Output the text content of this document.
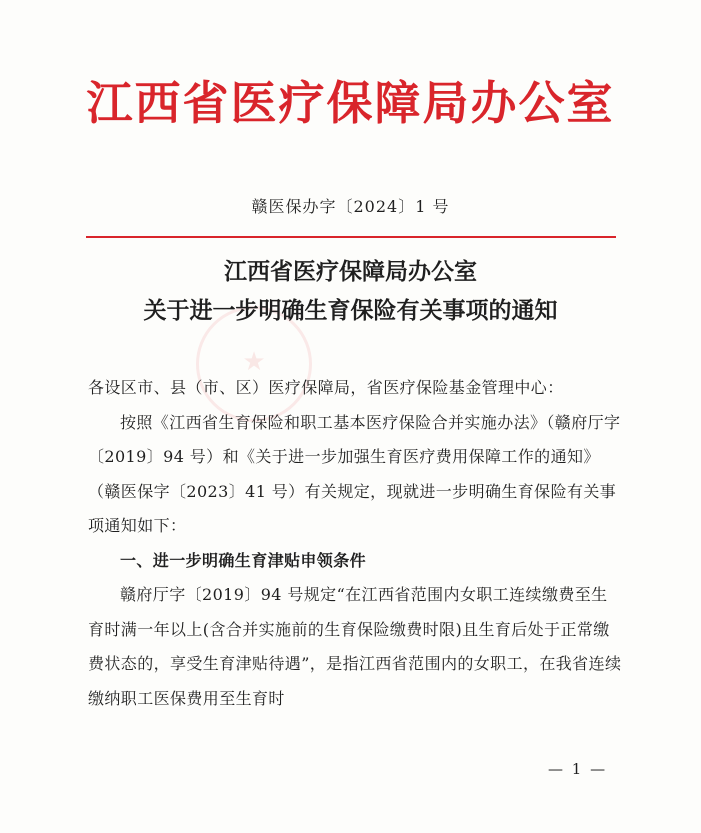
江西省医疗保障局办公室
赣医保办字〔2024〕1 号
★
江西省医疗保障局办公室
关于进一步明确生育保险有关事项的通知

各设区市、县（市、区）医疗保障局，省医疗保险基金管理中心：

按照《江西省生育保险和职工基本医疗保险合并实施办法》（赣府厅字〔2019〕94 号）和《关于进一步加强生育医疗费用保障工作的通知》（赣医保字〔2023〕41 号）有关规定，现就进一步明确生育保险有关事项通知如下：

一、进一步明确生育津贴申领条件

赣府厅字〔2019〕94 号规定“在江西省范围内女职工连续缴费至生育时满一年以上(含合并实施前的生育保险缴费时限)且生育后处于正常缴费状态的，享受生育津贴待遇”，是指江西省范围内的女职工，在我省连续缴纳职工医保费用至生育时

— 1 —
